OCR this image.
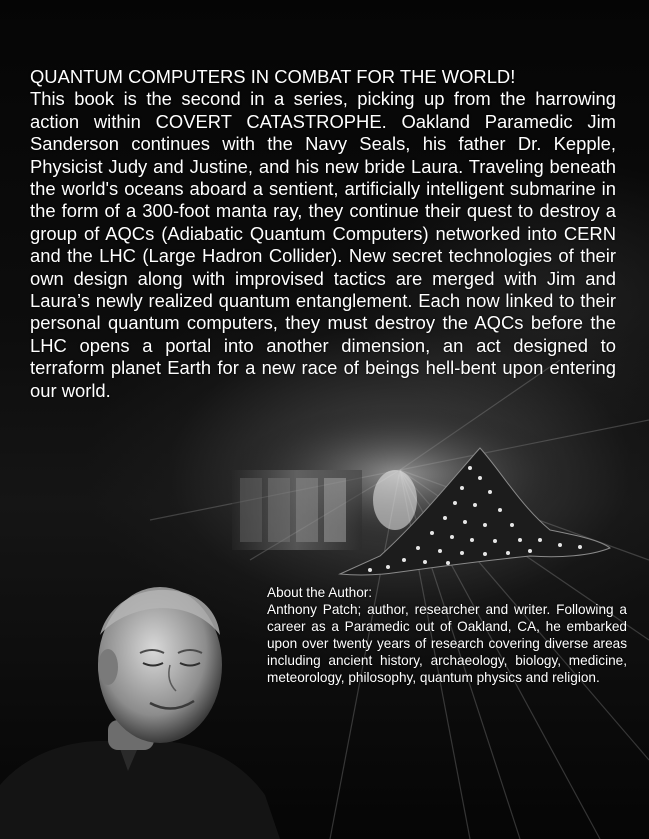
QUANTUM COMPUTERS IN COMBAT FOR THE WORLD!
This book is the second in a series, picking up from the harrowing action within COVERT CATASTROPHE. Oakland Paramedic Jim Sanderson continues with the Navy Seals, his father Dr. Kepple, Physicist Judy and Justine, and his new bride Laura. Traveling beneath the world's oceans aboard a sentient, artificially intelligent submarine in the form of a 300-foot manta ray, they continue their quest to destroy a group of AQCs (Adiabatic Quantum Computers) networked into CERN and the LHC (Large Hadron Collider). New secret technologies of their own design along with improvised tactics are merged with Jim and Laura’s newly realized quantum entanglement. Each now linked to their personal quantum computers, they must destroy the AQCs before the LHC opens a portal into another dimension, an act designed to terraform planet Earth for a new race of beings hell-bent upon entering our world.
About the Author:
Anthony Patch; author, researcher and writer. Following a career as a Paramedic out of Oakland, CA, he embarked upon over twenty years of research covering diverse areas including ancient history, archaeology, biology, medicine, meteorology, philosophy, quantum physics and religion.
